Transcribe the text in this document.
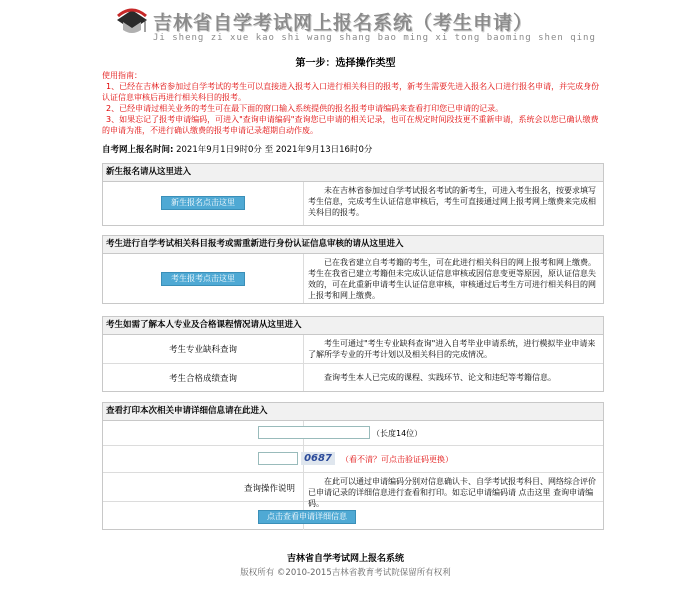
吉林省自学考试网上报名系统（考生申请）
Ji sheng zi xue kao shi wang shang bao ming xi tong baoming shen qing
第一步：选择操作类型

使用指南：

1、已经在吉林省参加过自学考试的考生可以直接进入报考入口进行相关科目的报考，新考生需要先进入报名入口进行报名申请，并完成身份认证信息审核后再进行相关科目的报考。

2、已经申请过相关业务的考生可在最下面的窗口输入系统提供的报名报考申请编码来查看打印您已申请的记录。

3、如果忘记了报考申请编码，可进入"查询申请编码"查询您已申请的相关记录，也可在规定时间段技更不重新申请，系统会以您已确认缴费的申请为准，不进行确认缴费的报考申请记录超期自动作废。

自考网上报名时间: 2021年9月1日9时0分 至 2021年9月13日16时0分
新生报名请从这里进入
新生报名点击这里
未在吉林省参加过自学考试报名考试的新考生，可进入考生报名，按要求填写考生信息，完成考生认证信息审核后，考生可直接通过网上报考网上缴费来完成相关科目的报考。
考生进行自学考试相关科目报考或需重新进行身份认证信息审核的请从这里进入
考生报考点击这里
已在我省建立自考考籍的考生，可在此进行相关科目的网上报考和网上缴费。考生在我省已建立考籍但未完成认证信息审核或因信息变更等原因，原认证信息失效的，可在此重新申请考生认证信息审核，审核通过后考生方可进行相关科目的网上报考和网上缴费。
考生如需了解本人专业及合格课程情况请从这里进入
考生专业缺科查询
考生可通过"考生专业缺科查询"进入自考毕业申请系统，进行模拟毕业申请来了解所学专业的开考计划以及相关科目的完成情况。
考生合格成绩查询	查询考生本人已完成的课程、实践环节、论文和违纪等考籍信息。
查看打印本次相关申请详细信息请在此进入
（长度14位）
0687	（看不清？可点击验证码更换）
查询操作说明
在此可以通过申请编码分别对信息确认卡、自学考试报考科目、网络综合评价已申请记录的详细信息进行查看和打印。如忘记申请编码请 点击这里 查询申请编码。
点击查看申请详细信息
吉林省自学考试网上报名系统
版权所有 ©2010-2015吉林省教育考试院保留所有权利
